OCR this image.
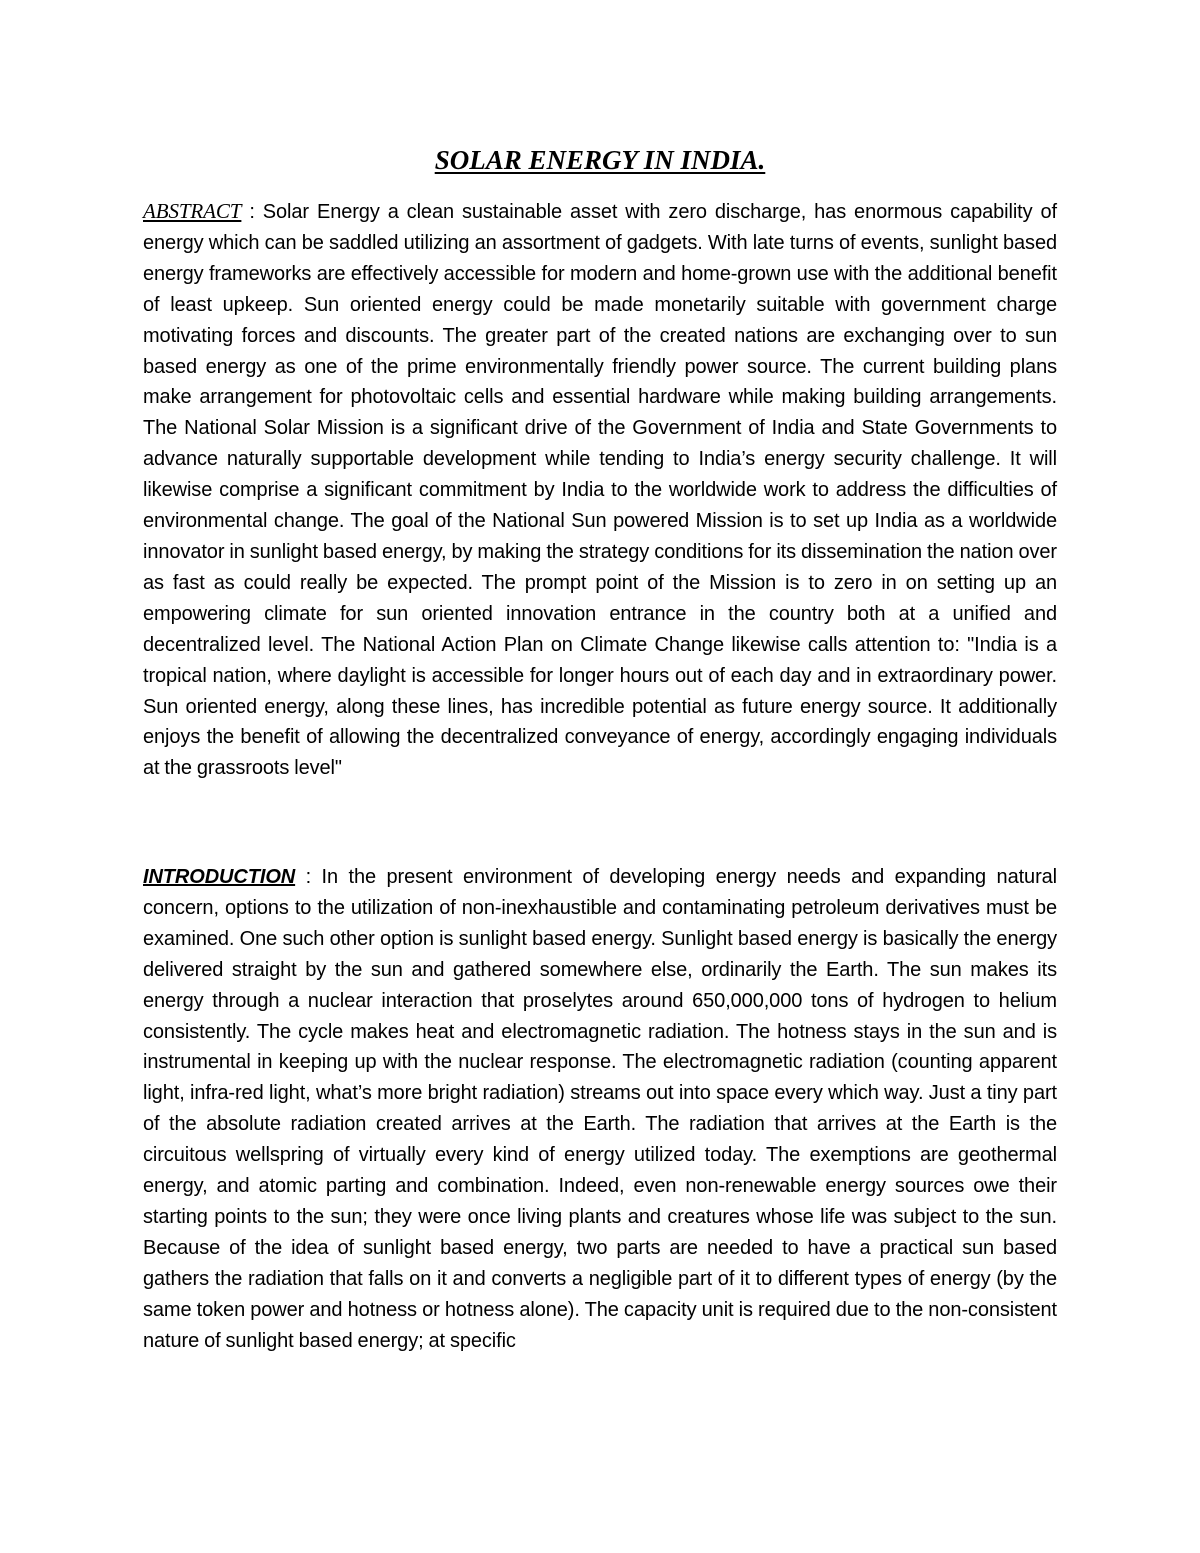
SOLAR ENERGY IN INDIA.

ABSTRACT : Solar Energy a clean sustainable asset with zero discharge, has enormous capability of energy which can be saddled utilizing an assortment of gadgets. With late turns of events, sunlight based energy frameworks are effectively accessible for modern and home-grown use with the additional benefit of least upkeep. Sun oriented energy could be made monetarily suitable with government charge motivating forces and discounts. The greater part of the created nations are exchanging over to sun based energy as one of the prime environmentally friendly power source. The current building plans make arrangement for photovoltaic cells and essential hardware while making building arrangements. The National Solar Mission is a significant drive of the Government of India and State Governments to advance naturally supportable development while tending to India’s energy security challenge. It will likewise comprise a significant commitment by India to the worldwide work to address the difficulties of environmental change. The goal of the National Sun powered Mission is to set up India as a worldwide innovator in sunlight based energy, by making the strategy conditions for its dissemination the nation over as fast as could really be expected. The prompt point of the Mission is to zero in on setting up an empowering climate for sun oriented innovation entrance in the country both at a unified and decentralized level. The National Action Plan on Climate Change likewise calls attention to: "India is a tropical nation, where daylight is accessible for longer hours out of each day and in extraordinary power. Sun oriented energy, along these lines, has incredible potential as future energy source. It additionally enjoys the benefit of allowing the decentralized conveyance of energy, accordingly engaging individuals at the grassroots level"

INTRODUCTION : In the present environment of developing energy needs and expanding natural concern, options to the utilization of non-inexhaustible and contaminating petroleum derivatives must be examined. One such other option is sunlight based energy. Sunlight based energy is basically the energy delivered straight by the sun and gathered somewhere else, ordinarily the Earth. The sun makes its energy through a nuclear interaction that proselytes around 650,000,000 tons of hydrogen to helium consistently. The cycle makes heat and electromagnetic radiation. The hotness stays in the sun and is instrumental in keeping up with the nuclear response. The electromagnetic radiation (counting apparent light, infra-red light, what’s more bright radiation) streams out into space every which way. Just a tiny part of the absolute radiation created arrives at the Earth. The radiation that arrives at the Earth is the circuitous wellspring of virtually every kind of energy utilized today. The exemptions are geothermal energy, and atomic parting and combination. Indeed, even non-renewable energy sources owe their starting points to the sun; they were once living plants and creatures whose life was subject to the sun. Because of the idea of sunlight based energy, two parts are needed to have a practical sun based gathers the radiation that falls on it and converts a negligible part of it to different types of energy (by the same token power and hotness or hotness alone). The capacity unit is required due to the non-consistent nature of sunlight based energy; at specific
